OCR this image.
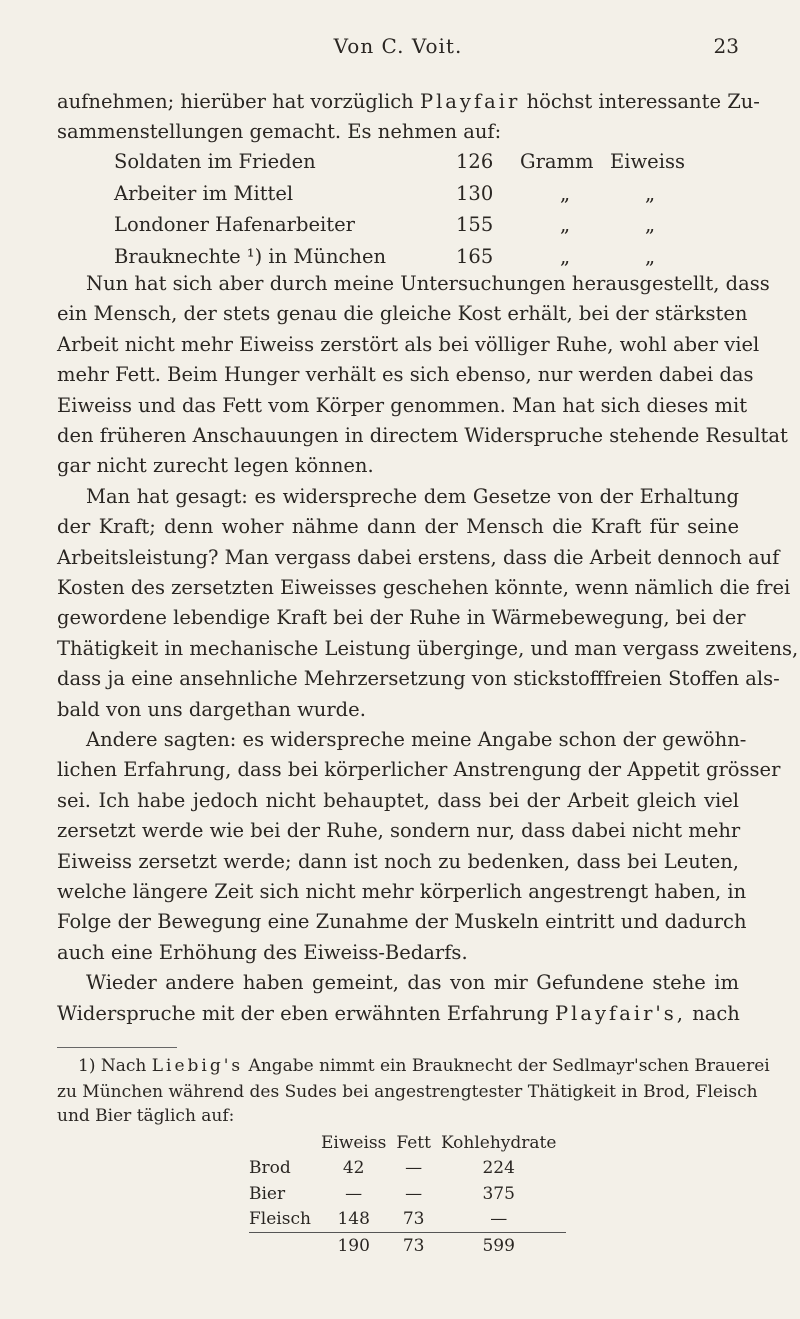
Von C. Voit.	23
aufnehmen; hierüber hat vorzüglich Playfair höchst interessante Zu-
sammenstellungen gemacht. Es nehmen auf:
Soldaten im Frieden	126	Gramm	Eiweiss
Arbeiter im Mittel	130	„	„
Londoner Hafenarbeiter	155	„	„
Brauknechte ¹) in München	165	„	„
Nun hat sich aber durch meine Untersuchungen herausgestellt, dass
ein Mensch, der stets genau die gleiche Kost erhält, bei der stärksten
Arbeit nicht mehr Eiweiss zerstört als bei völliger Ruhe, wohl aber viel
mehr Fett. Beim Hunger verhält es sich ebenso, nur werden dabei das
Eiweiss und das Fett vom Körper genommen. Man hat sich dieses mit
den früheren Anschauungen in directem Widerspruche stehende Resultat
gar nicht zurecht legen können.
Man hat gesagt: es widerspreche dem Gesetze von der Erhaltung
der Kraft; denn woher nähme dann der Mensch die Kraft für seine
Arbeitsleistung? Man vergass dabei erstens, dass die Arbeit dennoch auf
Kosten des zersetzten Eiweisses geschehen könnte, wenn nämlich die frei
gewordene lebendige Kraft bei der Ruhe in Wärmebewegung, bei der
Thätigkeit in mechanische Leistung überginge, und man vergass zweitens,
dass ja eine ansehnliche Mehrzersetzung von stickstofffreien Stoffen als-
bald von uns dargethan wurde.
Andere sagten: es widerspreche meine Angabe schon der gewöhn-
lichen Erfahrung, dass bei körperlicher Anstrengung der Appetit grösser
sei. Ich habe jedoch nicht behauptet, dass bei der Arbeit gleich viel
zersetzt werde wie bei der Ruhe, sondern nur, dass dabei nicht mehr
Eiweiss zersetzt werde; dann ist noch zu bedenken, dass bei Leuten,
welche längere Zeit sich nicht mehr körperlich angestrengt haben, in
Folge der Bewegung eine Zunahme der Muskeln eintritt und dadurch
auch eine Erhöhung des Eiweiss-Bedarfs.
Wieder andere haben gemeint, das von mir Gefundene stehe im
Widerspruche mit der eben erwähnten Erfahrung Playfair's, nach
1) Nach Liebig's Angabe nimmt ein Brauknecht der Sedlmayr'schen Brauerei
zu München während des Sudes bei angestrengtester Thätigkeit in Brod, Fleisch
und Bier täglich auf:
	Eiweiss	Fett	Kohlehydrate
Brod	42	—	224
Bier	—	—	375
Fleisch	148	73	—
	190	73	599
